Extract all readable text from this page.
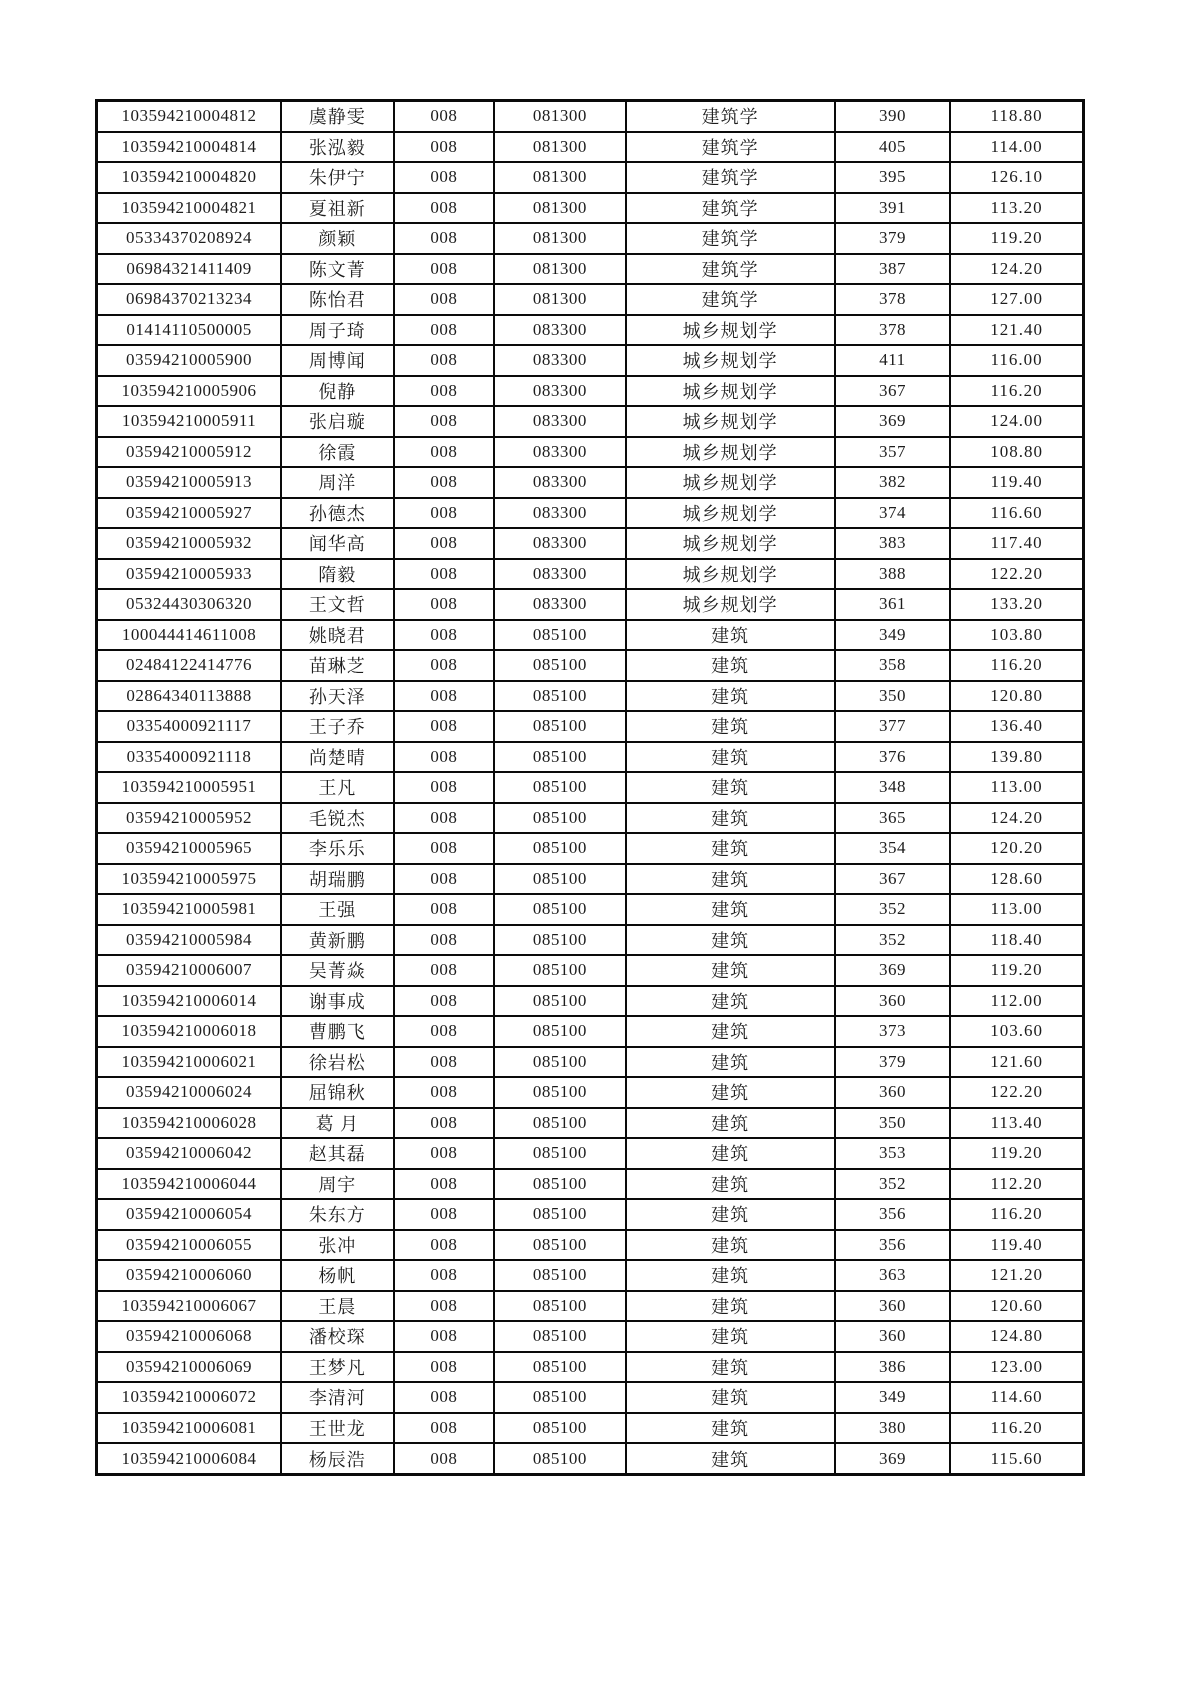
103594210004812	虞静雯	008	081300	建筑学	390	118.80
103594210004814	张泓毅	008	081300	建筑学	405	114.00
103594210004820	朱伊宁	008	081300	建筑学	395	126.10
103594210004821	夏祖新	008	081300	建筑学	391	113.20
05334370208924	颜颖	008	081300	建筑学	379	119.20
06984321411409	陈文菁	008	081300	建筑学	387	124.20
06984370213234	陈怡君	008	081300	建筑学	378	127.00
01414110500005	周子琦	008	083300	城乡规划学	378	121.40
03594210005900	周博闻	008	083300	城乡规划学	411	116.00
103594210005906	倪静	008	083300	城乡规划学	367	116.20
103594210005911	张启璇	008	083300	城乡规划学	369	124.00
03594210005912	徐霞	008	083300	城乡规划学	357	108.80
03594210005913	周洋	008	083300	城乡规划学	382	119.40
03594210005927	孙德杰	008	083300	城乡规划学	374	116.60
03594210005932	闻华高	008	083300	城乡规划学	383	117.40
03594210005933	隋毅	008	083300	城乡规划学	388	122.20
05324430306320	王文哲	008	083300	城乡规划学	361	133.20
100044414611008	姚晓君	008	085100	建筑	349	103.80
02484122414776	苗琳芝	008	085100	建筑	358	116.20
02864340113888	孙天泽	008	085100	建筑	350	120.80
03354000921117	王子乔	008	085100	建筑	377	136.40
03354000921118	尚楚晴	008	085100	建筑	376	139.80
103594210005951	王凡	008	085100	建筑	348	113.00
03594210005952	毛锐杰	008	085100	建筑	365	124.20
03594210005965	李乐乐	008	085100	建筑	354	120.20
103594210005975	胡瑞鹏	008	085100	建筑	367	128.60
103594210005981	王强	008	085100	建筑	352	113.00
03594210005984	黄新鹏	008	085100	建筑	352	118.40
03594210006007	吴菁焱	008	085100	建筑	369	119.20
103594210006014	谢事成	008	085100	建筑	360	112.00
103594210006018	曹鹏飞	008	085100	建筑	373	103.60
103594210006021	徐岩松	008	085100	建筑	379	121.60
03594210006024	屈锦秋	008	085100	建筑	360	122.20
103594210006028	葛 月	008	085100	建筑	350	113.40
03594210006042	赵其磊	008	085100	建筑	353	119.20
103594210006044	周宇	008	085100	建筑	352	112.20
03594210006054	朱东方	008	085100	建筑	356	116.20
03594210006055	张冲	008	085100	建筑	356	119.40
03594210006060	杨帆	008	085100	建筑	363	121.20
103594210006067	王晨	008	085100	建筑	360	120.60
03594210006068	潘校琛	008	085100	建筑	360	124.80
03594210006069	王梦凡	008	085100	建筑	386	123.00
103594210006072	李清河	008	085100	建筑	349	114.60
103594210006081	王世龙	008	085100	建筑	380	116.20
103594210006084	杨辰浩	008	085100	建筑	369	115.60
